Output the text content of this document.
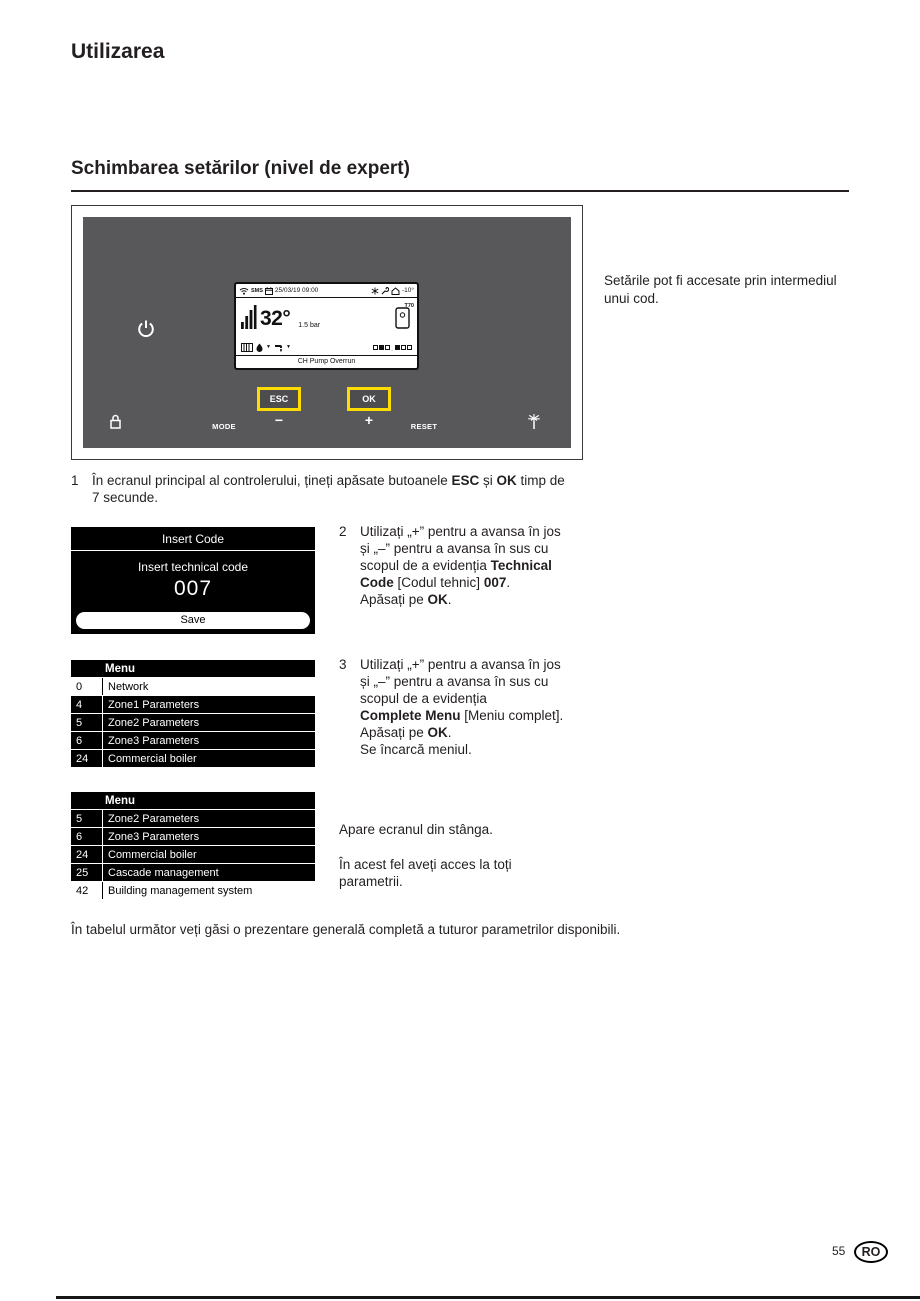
Utilizarea
Schimbarea setărilor (nivel de expert)
SMS 25/03/19 09:00	-10°
32° 1.5 bar
T70
▼	▼
·
CH Pump Overrun
ESC	OK
MODE	−	+	RESET
Setările pot fi accesate prin intermediul
unui cod.
1 În ecranul principal al controlerului, țineți apăsate butoanele ESC și OK timp de
7 secunde.
Insert Code
Insert technical code
007
Save
2 Utilizați „+” pentru a avansa în jos
și „–” pentru a avansa în sus cu
scopul de a evidenția Technical
Code [Codul tehnic] 007.
Apăsați pe OK.
Menu
0	Network
4	Zone1 Parameters
5	Zone2 Parameters
6	Zone3 Parameters
24	Commercial boiler
3 Utilizați „+” pentru a avansa în jos
și „–” pentru a avansa în sus cu
scopul de a evidenția
Complete Menu [Meniu complet].
Apăsați pe OK.
Se încarcă meniul.
Menu
5	Zone2 Parameters
6	Zone3 Parameters
24	Commercial boiler
25	Cascade management
42	Building management system
Apare ecranul din stânga.
În acest fel aveți acces la toți parametrii.
În tabelul următor veți găsi o prezentare generală completă a tuturor parametrilor disponibili.
55	RO
